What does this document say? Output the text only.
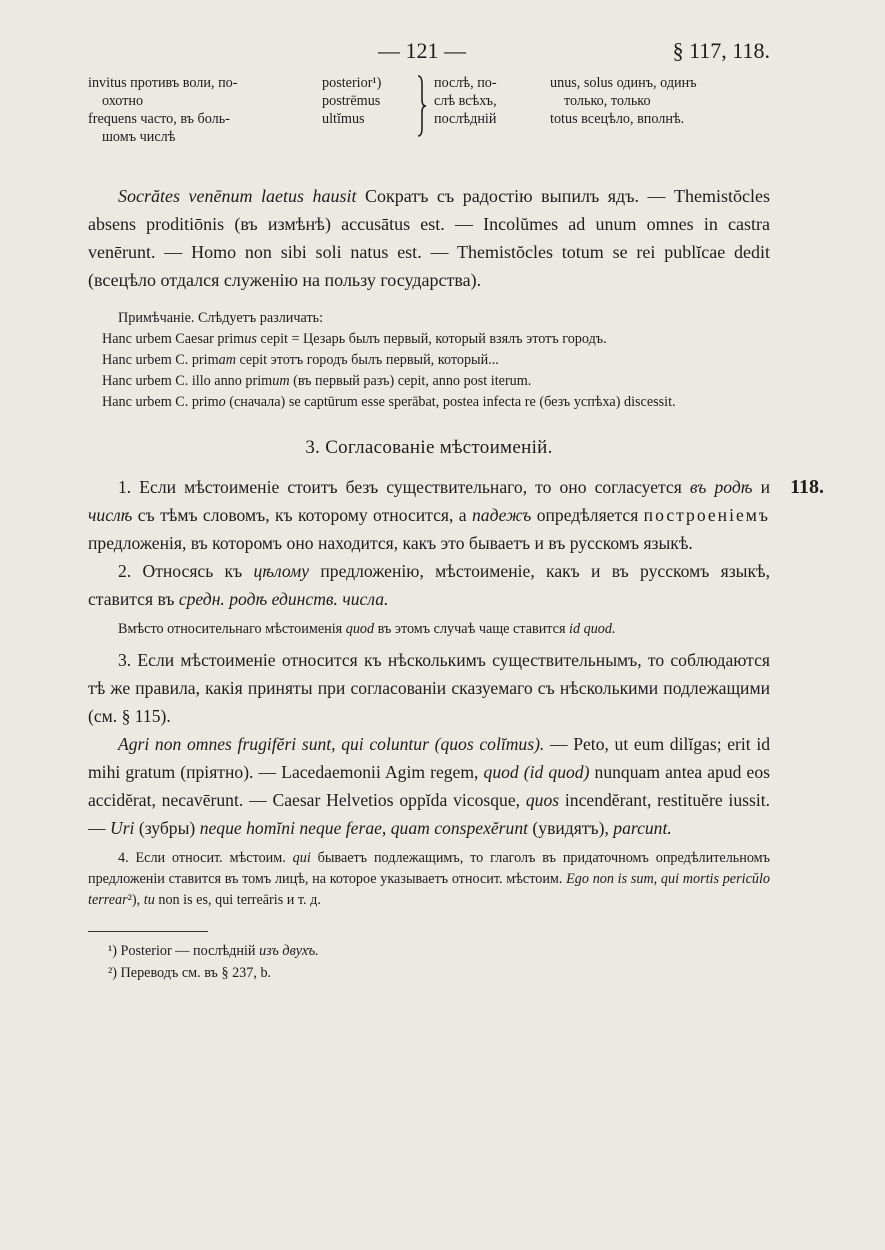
— 121 —	§ 117, 118.
invitus противъ воли, по-
охотно
frequens часто, въ боль-
шомъ числѣ
posterior¹)
postrēmus
ultĭmus
послѣ, по-
слѣ всѣхъ,
послѣдній
unus, solus одинъ, одинъ
только, только
totus всецѣло, вполнѣ.

Socrătes venēnum laetus hausit Сократъ съ радостію выпилъ ядъ. — Themistŏcles absens proditiōnis (въ измѣнѣ) accusātus est. — Incolŭmes ad unum omnes in castra venērunt. — Homo non sibi soli natus est. — Themistŏcles totum se rei publĭcae dedit (всецѣло отдался служенію на пользу государства).

Примѣчаніе. Слѣдуетъ различать:
Hanc urbem Caesar primus cepit = Цезарь былъ первый, который взялъ этотъ городъ.
Hanc urbem C. primam cepit этотъ городъ былъ первый, который...
Hanc urbem C. illo anno primum (въ первый разъ) cepit, anno post iterum.
Hanc urbem C. primo (сначала) se captūrum esse sperābat, postea infecta re (безъ успѣха) discessit.
3. Согласованіе мѣстоименій.

118.
1. Если мѣстоименіе стоитъ безъ существительнаго, то оно согласуется въ родѣ и числѣ съ тѣмъ словомъ, къ которому относится, а падежъ опредѣляется построеніемъ предложенія, въ которомъ оно находится, какъ это бываетъ и въ русскомъ языкѣ.

2. Относясь къ цѣлому предложенію, мѣстоименіе, какъ и въ русскомъ языкѣ, ставится въ средн. родѣ единств. числа.

Вмѣсто относительнаго мѣстоименія quod въ этомъ случаѣ чаще ставится id quod.

3. Если мѣстоименіе относится къ нѣсколькимъ существительнымъ, то соблюдаются тѣ же правила, какія приняты при согласованіи сказуемаго съ нѣсколькими подлежащими (см. § 115).

Agri non omnes frugifĕri sunt, qui coluntur (quos colĭmus). — Peto, ut eum dilĭgas; erit id mihi gratum (пріятно). — Lacedaemonii Agim regem, quod (id quod) nunquam antea apud eos accidĕrat, necavērunt. — Caesar Helvetios oppĭda vicosque, quos incendĕrant, restituĕre iussit. — Uri (зубры) neque homĭni neque ferae, quam conspexĕrunt (увидятъ), parcunt.

4. Если относит. мѣстоим. qui бываетъ подлежащимъ, то глаголъ въ придаточномъ опредѣлительномъ предложеніи ставится въ томъ лицѣ, на которое указываетъ относит. мѣстоим. Ego non is sum, qui mortis pericŭlo terrear²), tu non is es, qui terreāris и т. д.

¹) Posterior — послѣдній изъ двухъ.

²) Переводъ см. въ § 237, b.
